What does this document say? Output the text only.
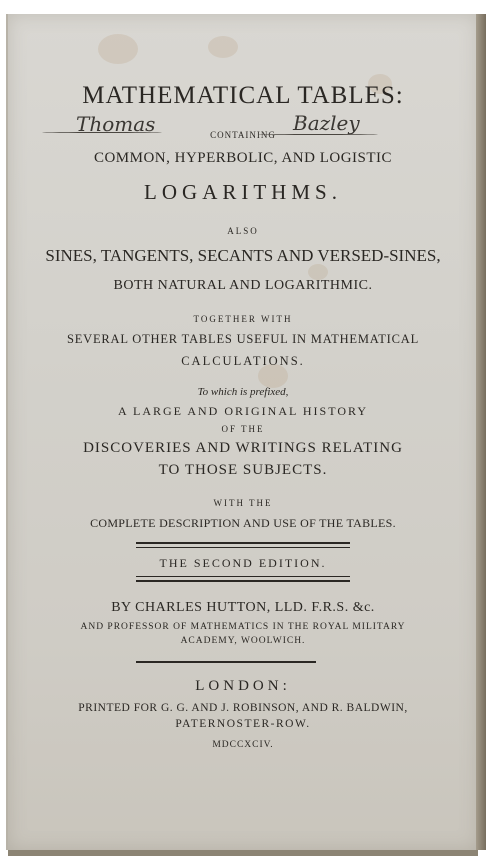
MATHEMATICAL TABLES:
Thomas	CONTAINING Bazley
COMMON, HYPERBOLIC, AND LOGISTIC
LOGARITHMS.
ALSO
SINES, TANGENTS, SECANTS AND VERSED-SINES,
BOTH NATURAL AND LOGARITHMIC.
TOGETHER WITH
SEVERAL OTHER TABLES USEFUL IN MATHEMATICAL
CALCULATIONS.
To which is prefixed,
A LARGE AND ORIGINAL HISTORY
OF THE
DISCOVERIES AND WRITINGS RELATING
TO THOSE SUBJECTS.
WITH THE
COMPLETE DESCRIPTION AND USE OF THE TABLES.
THE SECOND EDITION.
BY CHARLES HUTTON, LLD. F.R.S. &c.
AND PROFESSOR OF MATHEMATICS IN THE ROYAL MILITARY
ACADEMY, WOOLWICH.
LONDON:
PRINTED FOR G. G. AND J. ROBINSON, AND R. BALDWIN,
PATERNOSTER-ROW.
MDCCXCIV.
